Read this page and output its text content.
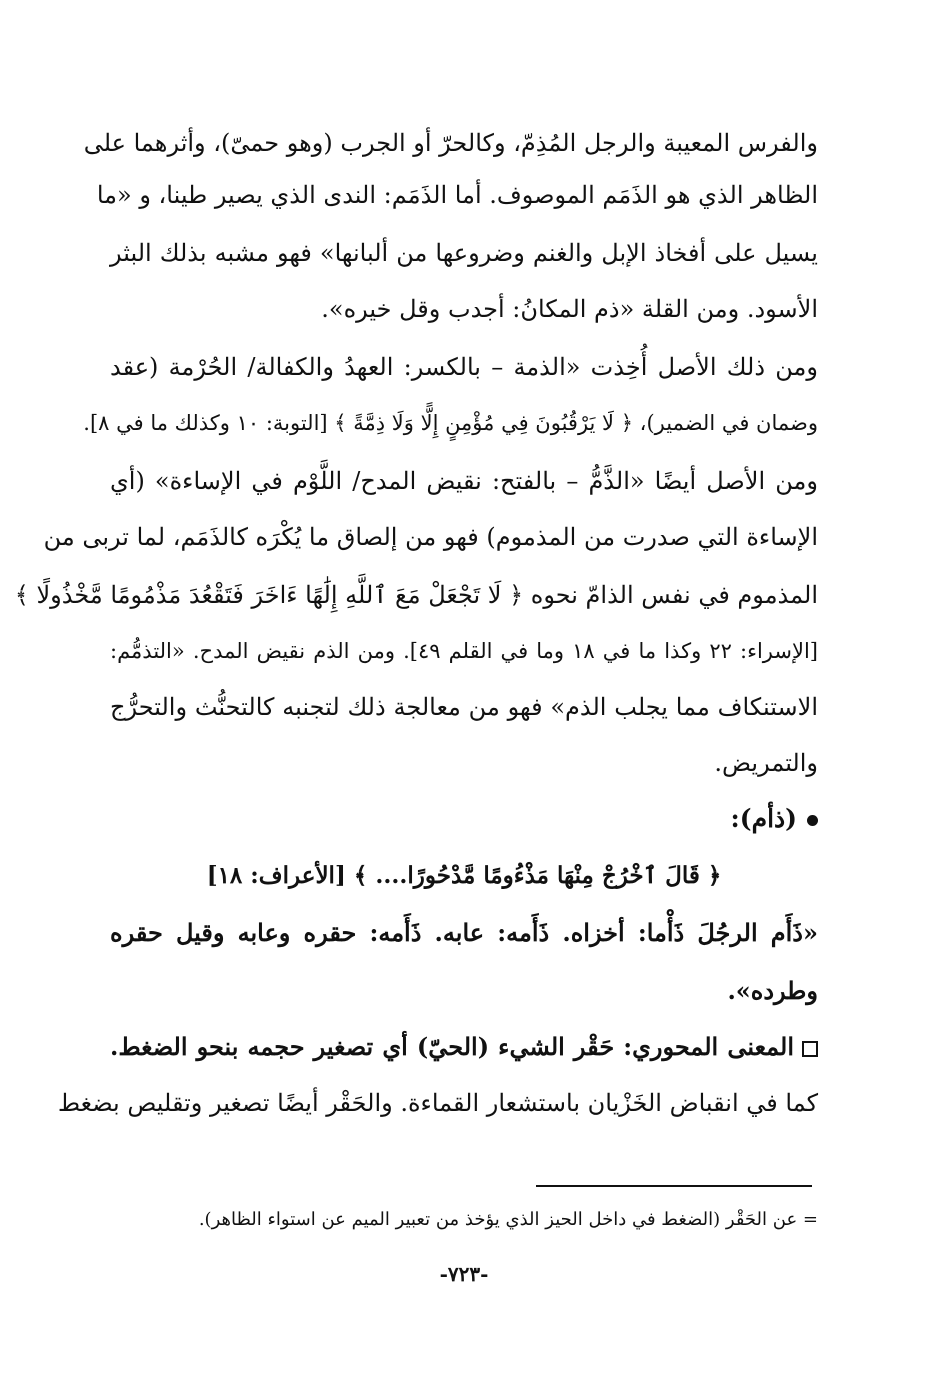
والفرس المعيبة والرجل المُذِمّ، وكالحرّ أو الجرب (وهو حمىّ)، وأثرهما على
الظاهر الذي هو الذَمَم الموصوف. أما الذَمَم: الندى الذي يصير طينا، و «ما
يسيل على أفخاذ الإبل والغنم وضروعها من ألبانها» فهو مشبه بذلك البثر
الأسود. ومن القلة «ذم المكانُ: أجدب وقل خيره».
ومن ذلك الأصل أُخِذت «الذمة – بالكسر: العهدُ والكفالة/ الحُرْمة (عقد
وضمان في الضمير)، ﴿ لَا يَرْقُبُونَ فِي مُؤْمِنٍ إِلًّا وَلَا ذِمَّةً ﴾ [التوبة: ١٠ وكذلك ما في ٨].
ومن الأصل أيضًا «الذَّمُّ – بالفتح: نقيض المدح/ اللَّوْم في الإساءة» (أي
الإساءة التي صدرت من المذموم) فهو من إلصاق ما يُكْرَه كالذَمَم، لما تربى من
المذموم في نفس الذامّ نحوه ﴿ لَا تَجْعَلْ مَعَ ٱللَّهِ إِلَٰهًا ءَاخَرَ فَتَقْعُدَ مَذْمُومًا مَّخْذُولًا ﴾
[الإسراء: ٢٢ وكذا ما في ١٨ وما في القلم ٤٩]. ومن الذم نقيض المدح. «التذمُّم:
الاستنكاف مما يجلب الذم» فهو من معالجة ذلك لتجنبه كالتحنُّث والتحرُّج
والتمريض.
(ذأم):
﴿ قَالَ ٱخْرُجْ مِنْهَا مَذْءُومًا مَّدْحُورًا.... ﴾ [الأعراف: ١٨]
«ذَأَم الرجُلَ ذَأْما: أخزاه. ذَأَمه: عابه. ذَأَمه: حقره وعابه وقيل حقره
وطرده».
المعنى المحوري: حَقْر الشيء (الحيّ) أي تصغير حجمه بنحو الضغط.
كما في انقباض الخَزْيان باستشعار القماءة. والحَقْر أيضًا تصغير وتقليص بضغط
= عن الحَقْر (الضغط في داخل الحيز الذي يؤخذ من تعبير الميم عن استواء الظاهر).
-٧٢٣-
